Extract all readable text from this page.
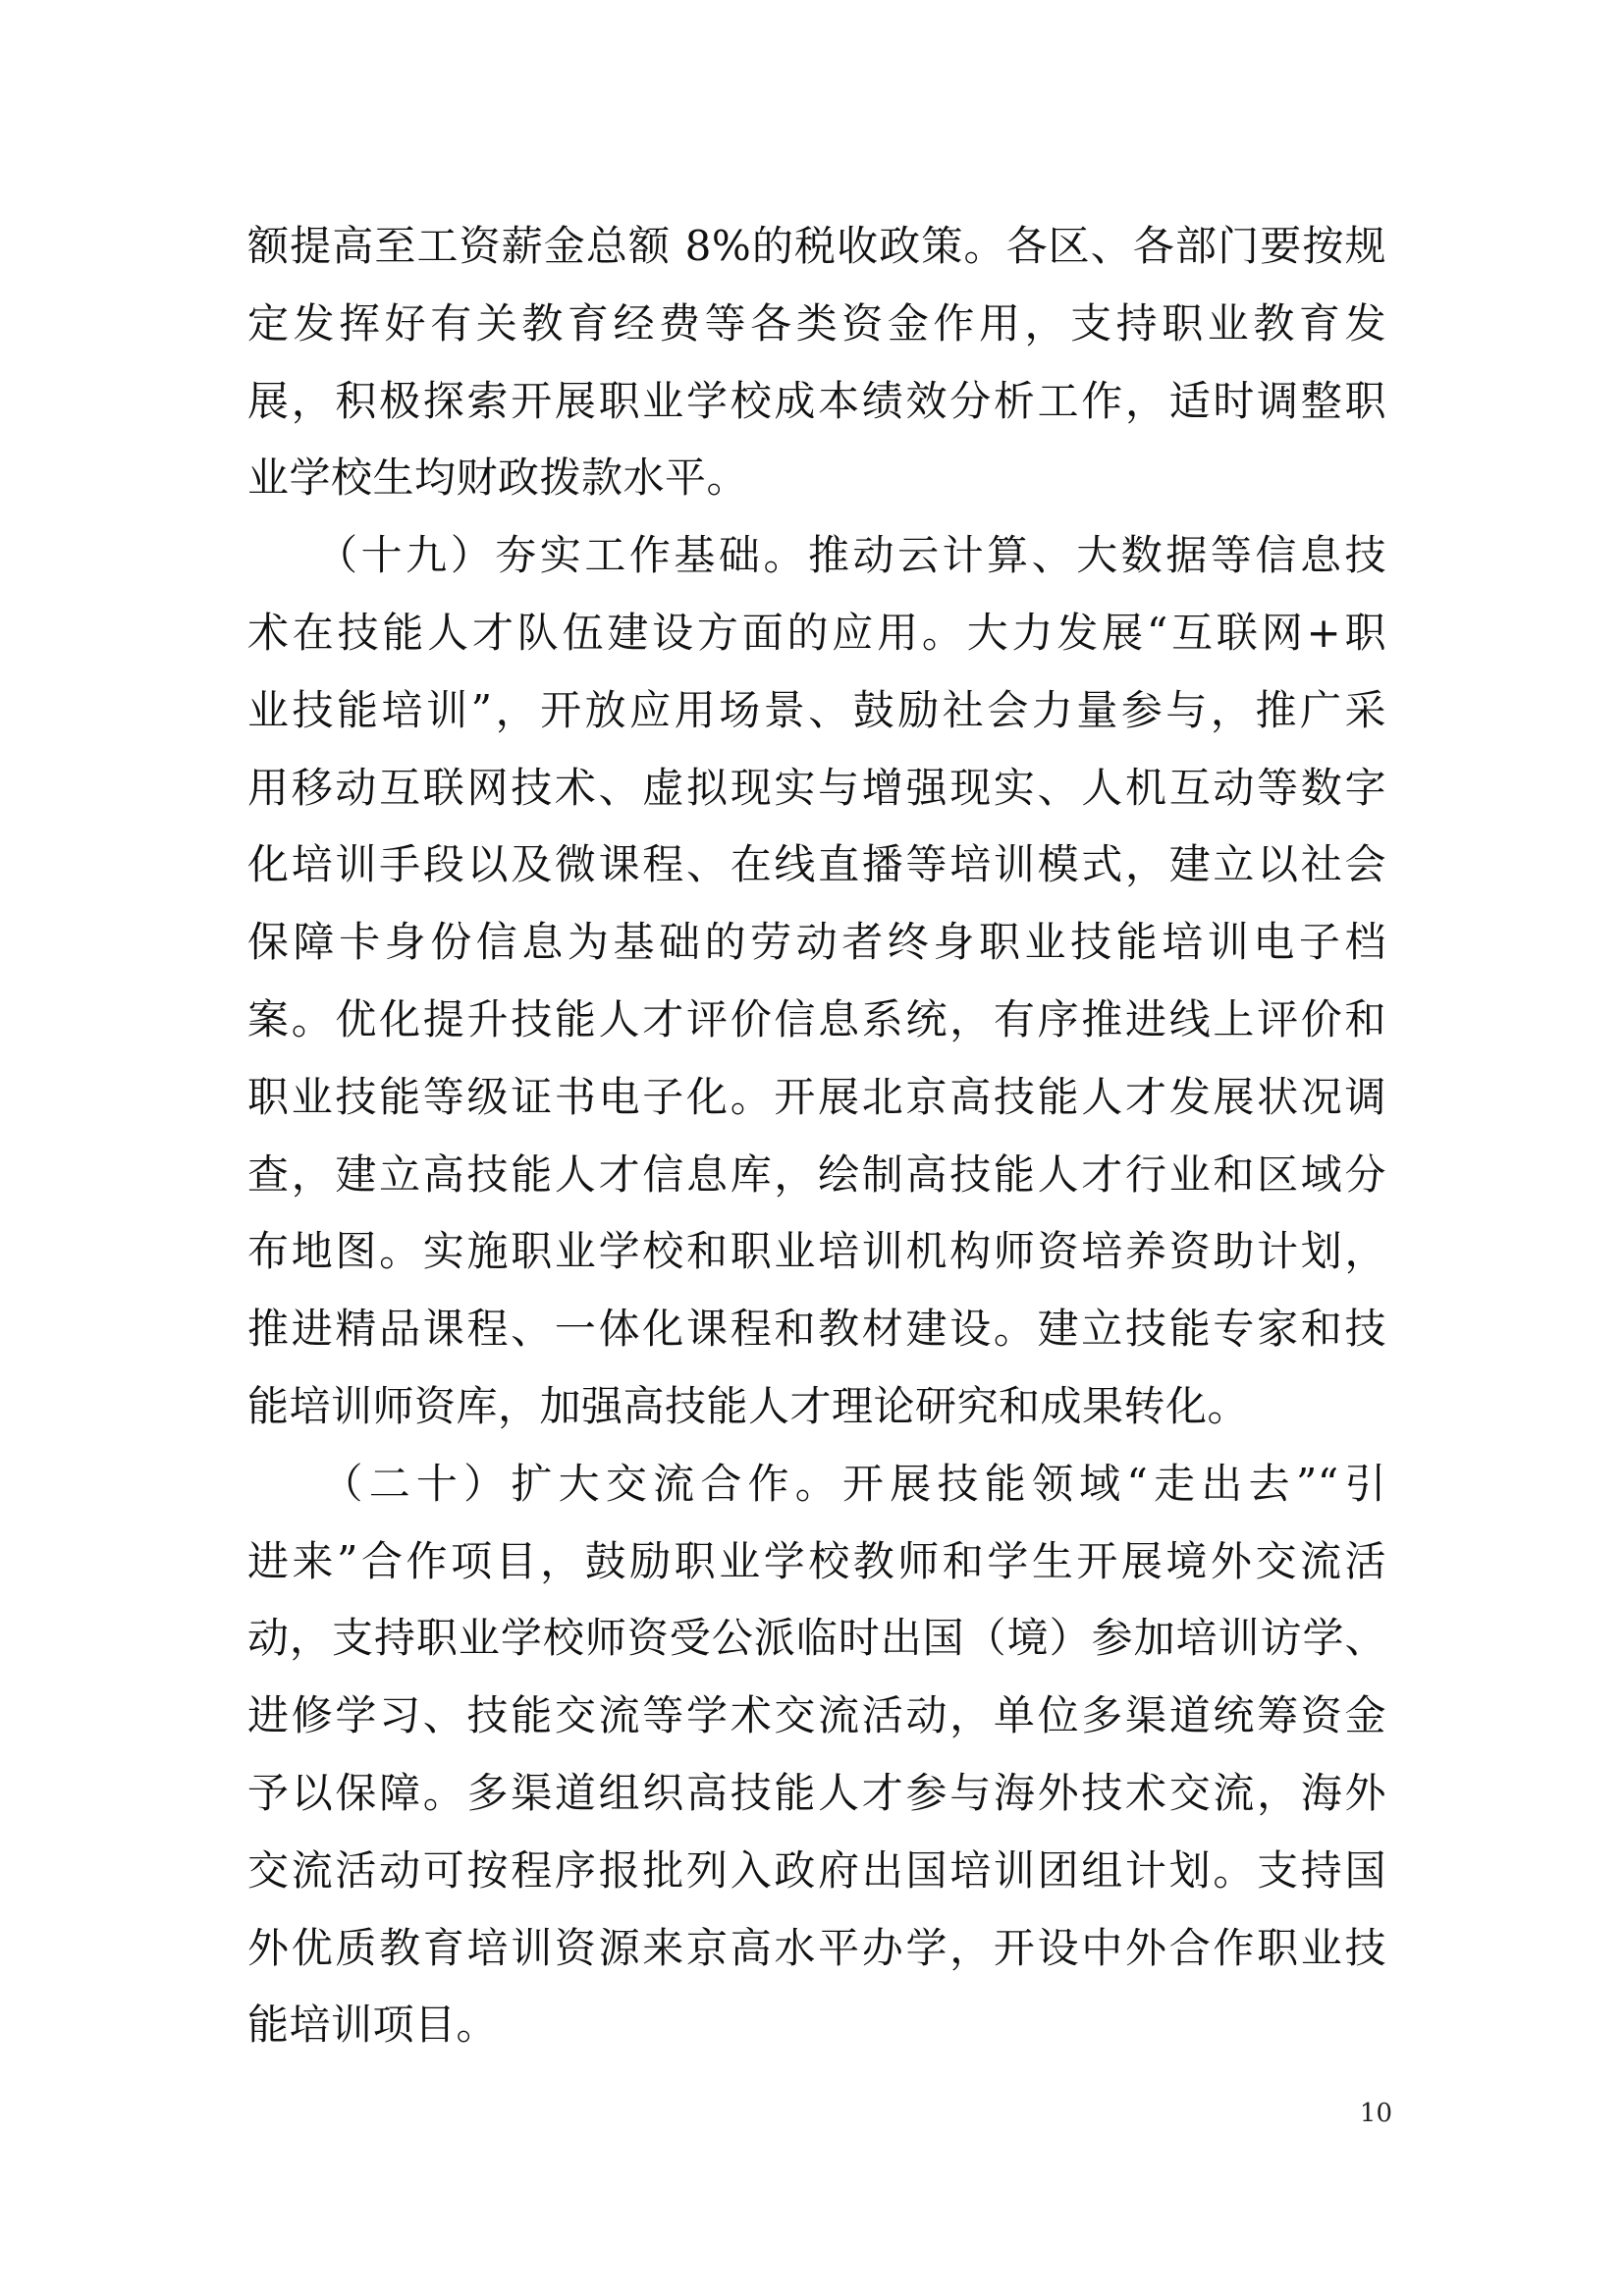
额提高至工资薪金总额 8%的税收政策。各区、各部门要按规
定发挥好有关教育经费等各类资金作用，支持职业教育发
展，积极探索开展职业学校成本绩效分析工作，适时调整职
业学校生均财政拨款水平。
　　（十九）夯实工作基础。推动云计算、大数据等信息技
术在技能人才队伍建设方面的应用。大力发展“互联网+职
业技能培训”，开放应用场景、鼓励社会力量参与，推广采
用移动互联网技术、虚拟现实与增强现实、人机互动等数字
化培训手段以及微课程、在线直播等培训模式，建立以社会
保障卡身份信息为基础的劳动者终身职业技能培训电子档
案。优化提升技能人才评价信息系统，有序推进线上评价和
职业技能等级证书电子化。开展北京高技能人才发展状况调
查，建立高技能人才信息库，绘制高技能人才行业和区域分
布地图。实施职业学校和职业培训机构师资培养资助计划，
推进精品课程、一体化课程和教材建设。建立技能专家和技
能培训师资库，加强高技能人才理论研究和成果转化。
　　（二十）扩大交流合作。开展技能领域“走出去”“引
进来”合作项目，鼓励职业学校教师和学生开展境外交流活
动，支持职业学校师资受公派临时出国（境）参加培训访学、
进修学习、技能交流等学术交流活动，单位多渠道统筹资金
予以保障。多渠道组织高技能人才参与海外技术交流，海外
交流活动可按程序报批列入政府出国培训团组计划。支持国
外优质教育培训资源来京高水平办学，开设中外合作职业技
能培训项目。
10
